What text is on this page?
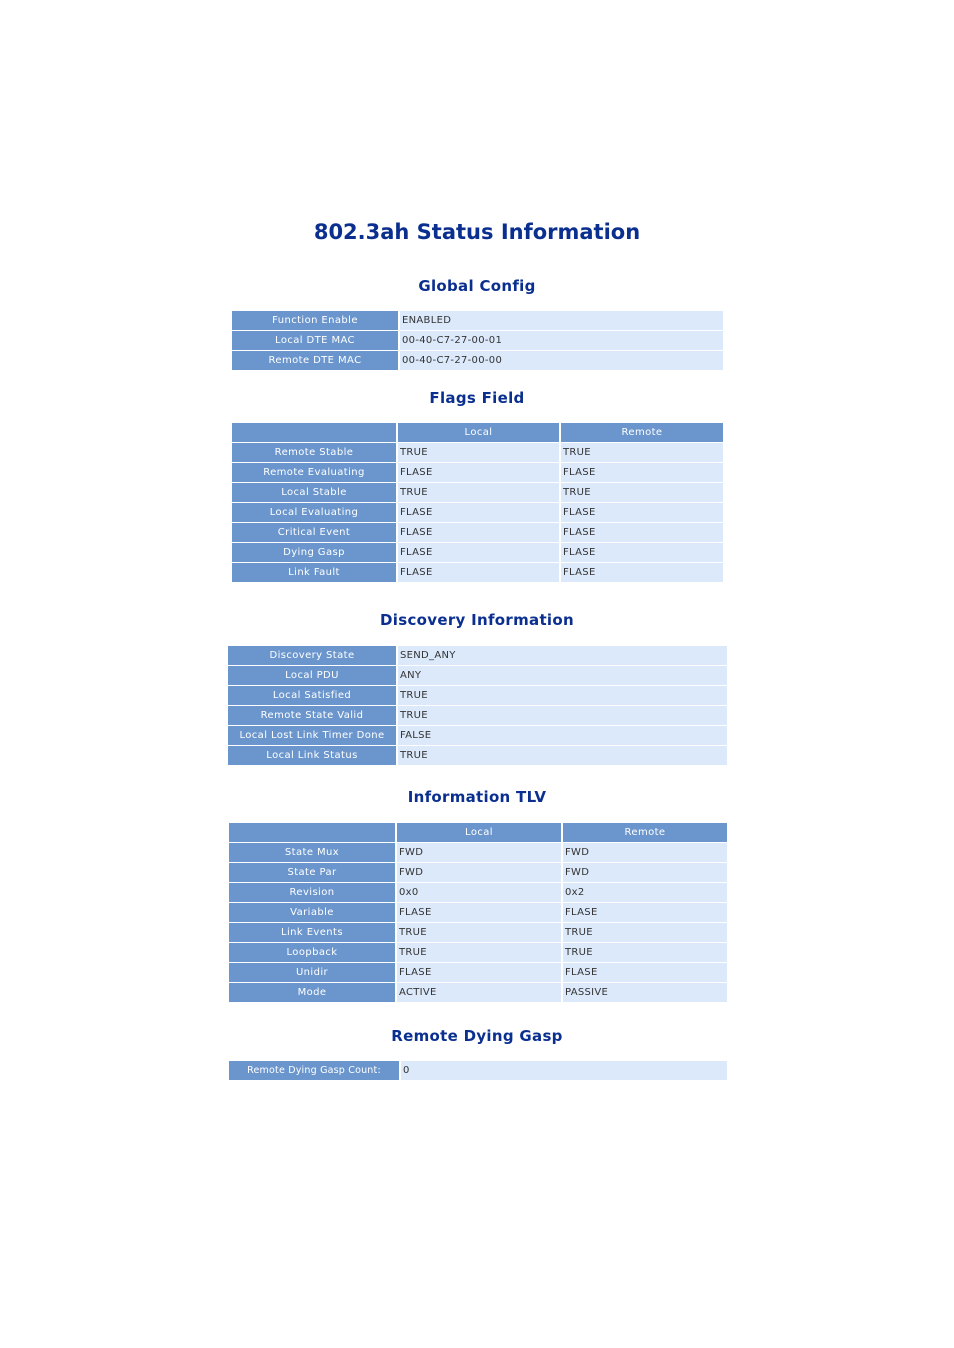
802.3ah Status Information
Global Config
Function Enable	ENABLED
Local DTE MAC	00-40-C7-27-00-01
Remote DTE MAC	00-40-C7-27-00-00
Flags Field
	Local	Remote
Remote Stable	TRUE	TRUE
Remote Evaluating	FLASE	FLASE
Local Stable	TRUE	TRUE
Local Evaluating	FLASE	FLASE
Critical Event	FLASE	FLASE
Dying Gasp	FLASE	FLASE
Link Fault	FLASE	FLASE
Discovery Information
Discovery State	SEND_ANY
Local PDU	ANY
Local Satisfied	TRUE
Remote State Valid	TRUE
Local Lost Link Timer Done	FALSE
Local Link Status	TRUE
Information TLV
	Local	Remote
State Mux	FWD	FWD
State Par	FWD	FWD
Revision	0x0	0x2
Variable	FLASE	FLASE
Link Events	TRUE	TRUE
Loopback	TRUE	TRUE
Unidir	FLASE	FLASE
Mode	ACTIVE	PASSIVE
Remote Dying Gasp
Remote Dying Gasp Count:	0
